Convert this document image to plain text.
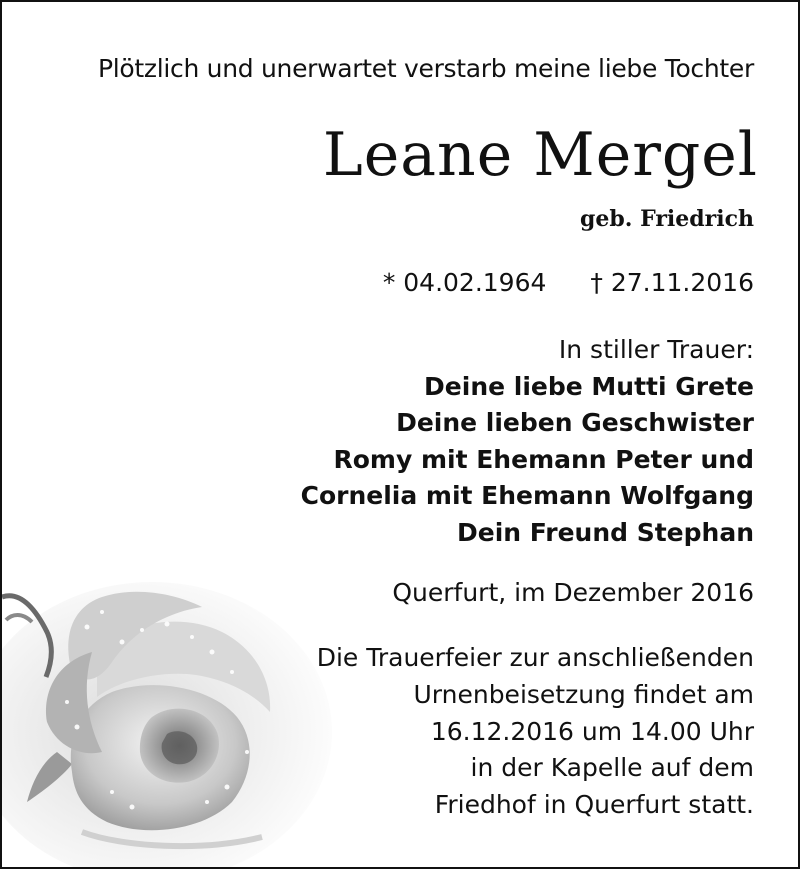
Plötzlich und unerwartet verstarb meine liebe Tochter
Leane Mergel
geb. Friedrich
* 04.02.1964 † 27.11.2016
In stiller Trauer:
Deine liebe Mutti Grete
Deine lieben Geschwister
Romy mit Ehemann Peter und
Cornelia mit Ehemann Wolfgang
Dein Freund Stephan
Querfurt, im Dezember 2016
Die Trauerfeier zur anschließenden
Urnenbeisetzung findet am
16.12.2016 um 14.00 Uhr
in der Kapelle auf dem
Friedhof in Querfurt statt.
